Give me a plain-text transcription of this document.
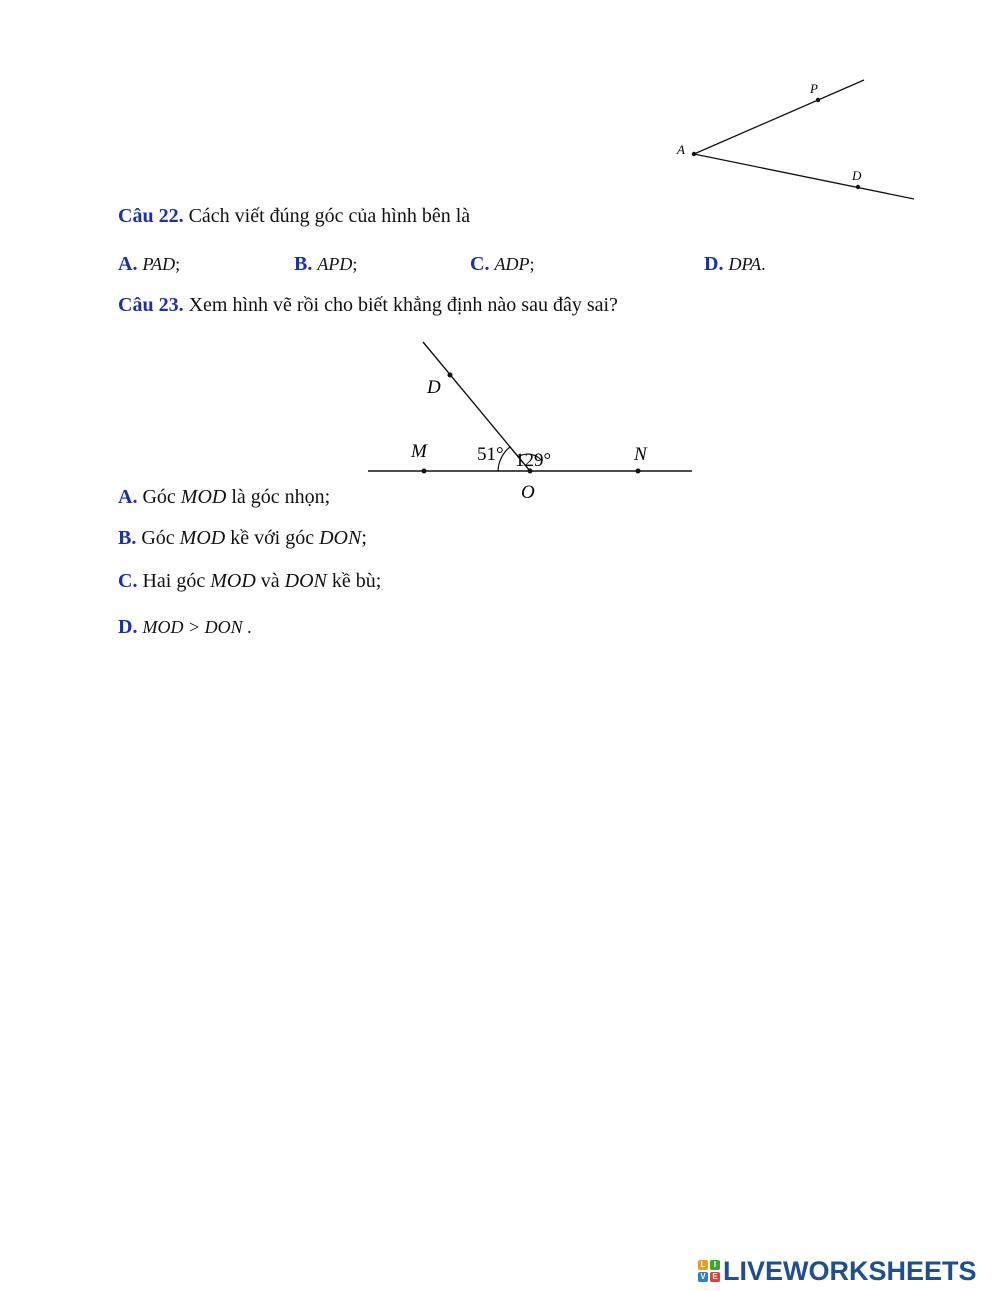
P
A
D
Câu 22. Cách viết đúng góc của hình bên là
A. PAD;	B. APD;	C. ADP;	D. DPA.
Câu 23. Xem hình vẽ rồi cho biết khẳng định nào sau đây sai?
D
M	N
O
51° 129°
A. Góc MOD là góc nhọn;
B. Góc MOD kề với góc DON;
C. Hai góc MOD và DON kề bù;
D. MOD > DON .
L	I
V E LIVEWORKSHEETS
